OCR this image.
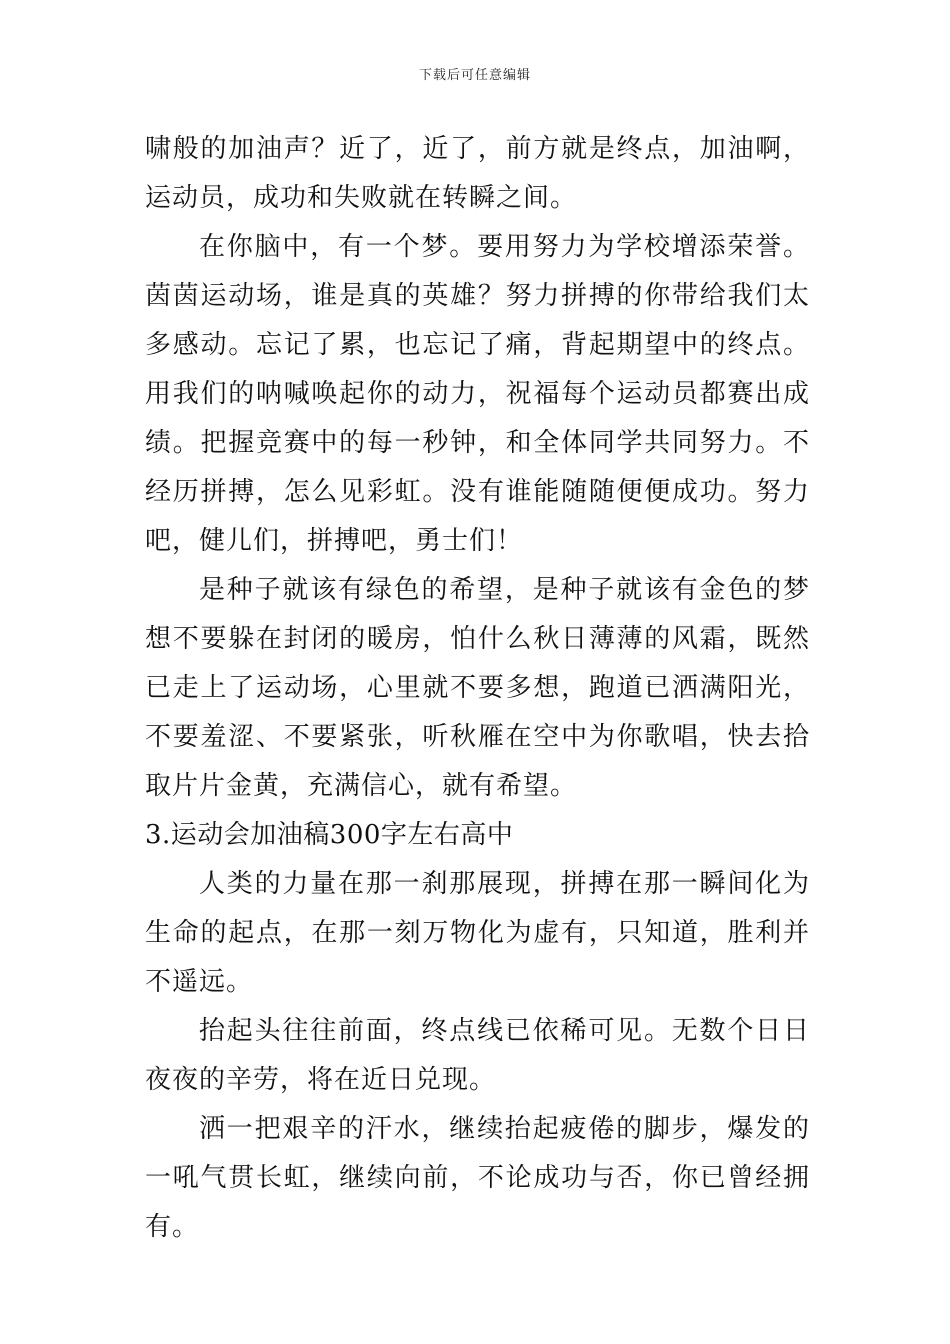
下载后可任意编辑

啸般的加油声？近了，近了，前方就是终点，加油啊，运动员，成功和失败就在转瞬之间。

在你脑中，有一个梦。要用努力为学校增添荣誉。茵茵运动场，谁是真的英雄？努力拼搏的你带给我们太多感动。忘记了累，也忘记了痛，背起期望中的终点。用我们的呐喊唤起你的动力，祝福每个运动员都赛出成绩。把握竞赛中的每一秒钟，和全体同学共同努力。不经历拼搏，怎么见彩虹。没有谁能随随便便成功。努力吧，健儿们，拼搏吧，勇士们！

是种子就该有绿色的希望，是种子就该有金色的梦想不要躲在封闭的暖房，怕什么秋日薄薄的风霜，既然已走上了运动场，心里就不要多想，跑道已洒满阳光，不要羞涩、不要紧张，听秋雁在空中为你歌唱，快去拾取片片金黄，充满信心，就有希望。

3.运动会加油稿300字左右高中

人类的力量在那一刹那展现，拼搏在那一瞬间化为生命的起点，在那一刻万物化为虚有，只知道，胜利并不遥远。

抬起头往往前面，终点线已依稀可见。无数个日日夜夜的辛劳，将在近日兑现。

洒一把艰辛的汗水，继续抬起疲倦的脚步，爆发的一吼气贯长虹，继续向前，不论成功与否，你已曾经拥有。
